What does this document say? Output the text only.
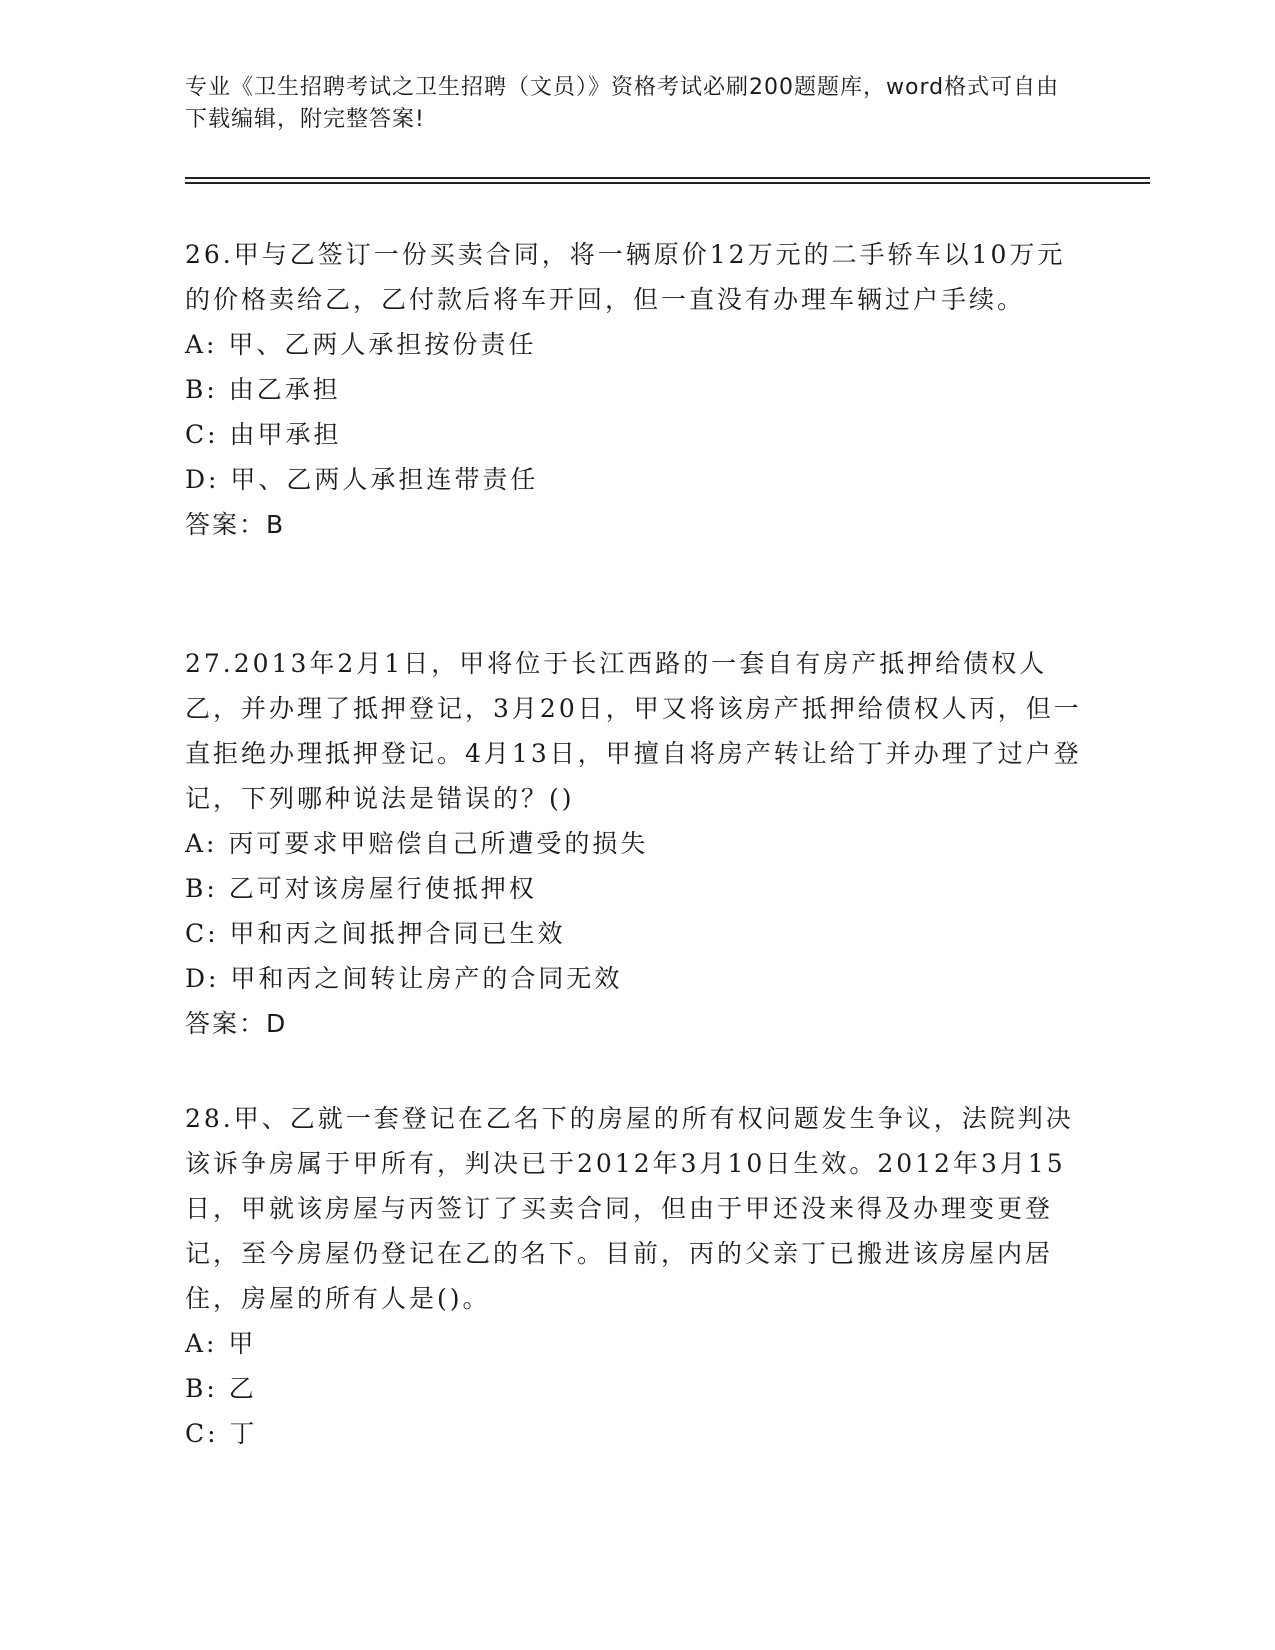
专业《卫生招聘考试之卫生招聘（文员）》资格考试必刷200题题库，word格式可自由下载编辑，附完整答案!

26.甲与乙签订一份买卖合同，将一辆原价12万元的二手轿车以10万元的价格卖给乙，乙付款后将车开回，但一直没有办理车辆过户手续。

A: 甲、乙两人承担按份责任

B: 由乙承担

C: 由甲承担

D: 甲、乙两人承担连带责任

答案：B

27.2013年2月1日，甲将位于长江西路的一套自有房产抵押给债权人乙，并办理了抵押登记，3月20日，甲又将该房产抵押给债权人丙，但一直拒绝办理抵押登记。4月13日，甲擅自将房产转让给丁并办理了过户登记，下列哪种说法是错误的？()

A: 丙可要求甲赔偿自己所遭受的损失

B: 乙可对该房屋行使抵押权

C: 甲和丙之间抵押合同已生效

D: 甲和丙之间转让房产的合同无效

答案：D

28.甲、乙就一套登记在乙名下的房屋的所有权问题发生争议，法院判决该诉争房属于甲所有，判决已于2012年3月10日生效。2012年3月15日，甲就该房屋与丙签订了买卖合同，但由于甲还没来得及办理变更登记，至今房屋仍登记在乙的名下。目前，丙的父亲丁已搬进该房屋内居住，房屋的所有人是()。

A: 甲

B: 乙

C: 丁
